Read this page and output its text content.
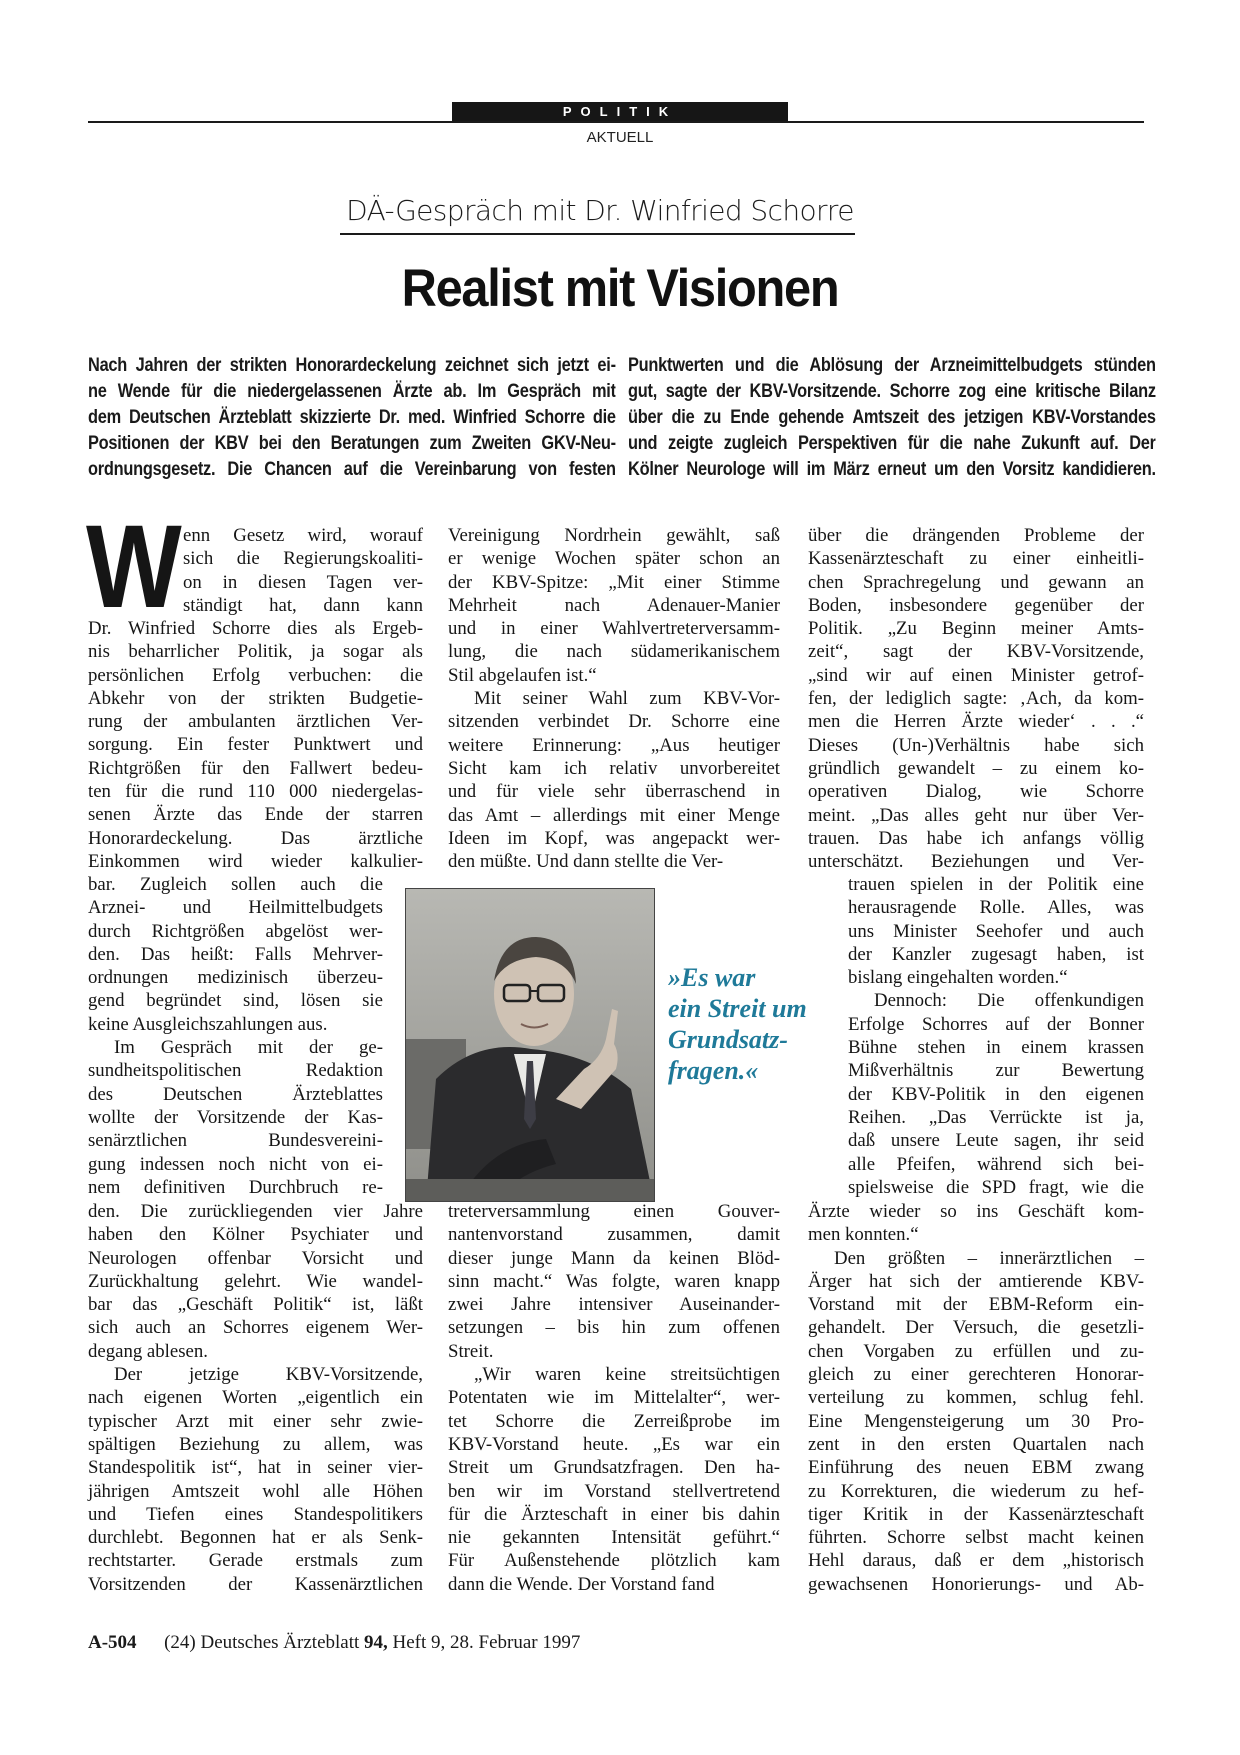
POLITIK
AKTUELL
DÄ-Gespräch mit Dr. Winfried Schorre
Realist mit Visionen
Nach Jahren der strikten Honorardeckelung zeichnet sich jetzt ei-
ne Wende für die niedergelassenen Ärzte ab. Im Gespräch mit
dem Deutschen Ärzteblatt skizzierte Dr. med. Winfried Schorre die
Positionen der KBV bei den Beratungen zum Zweiten GKV-Neu-
ordnungsgesetz. Die Chancen auf die Vereinbarung von festen
Punktwerten und die Ablösung der Arzneimittelbudgets stünden
gut, sagte der KBV-Vorsitzende. Schorre zog eine kritische Bilanz
über die zu Ende gehende Amtszeit des jetzigen KBV-Vorstandes
und zeigte zugleich Perspektiven für die nahe Zukunft auf. Der
Kölner Neurologe will im März erneut um den Vorsitz kandidieren.
W enn Gesetz wird, worauf
sich die Regierungskoaliti-
on in diesen Tagen ver-
ständigt hat, dann kann
Dr. Winfried Schorre dies als Ergeb-
nis beharrlicher Politik, ja sogar als
persönlichen Erfolg verbuchen: die
Abkehr von der strikten Budgetie-
rung der ambulanten ärztlichen Ver-
sorgung. Ein fester Punktwert und
Richtgrößen für den Fallwert bedeu-
ten für die rund 110 000 niedergelas-
senen Ärzte das Ende der starren
Honorardeckelung. Das ärztliche
Einkommen wird wieder kalkulier-
bar. Zugleich sollen auch die
Arznei- und Heilmittelbudgets
durch Richtgrößen abgelöst wer-
den. Das heißt: Falls Mehrver-
ordnungen medizinisch überzeu-
gend begründet sind, lösen sie
keine Ausgleichszahlungen aus.
Im Gespräch mit der ge-
sundheitspolitischen Redaktion
des Deutschen Ärzteblattes
wollte der Vorsitzende der Kas-
senärztlichen Bundesvereini-
gung indessen noch nicht von ei-
nem definitiven Durchbruch re-
den. Die zurückliegenden vier Jahre
haben den Kölner Psychiater und
Neurologen offenbar Vorsicht und
Zurückhaltung gelehrt. Wie wandel-
bar das „Geschäft Politik“ ist, läßt
sich auch an Schorres eigenem Wer-
degang ablesen.
Der jetzige KBV-Vorsitzende,
nach eigenen Worten „eigentlich ein
typischer Arzt mit einer sehr zwie-
spältigen Beziehung zu allem, was
Standespolitik ist“, hat in seiner vier-
jährigen Amtszeit wohl alle Höhen
und Tiefen eines Standespolitikers
durchlebt. Begonnen hat er als Senk-
rechtstarter. Gerade erstmals zum
Vorsitzenden der Kassenärztlichen
Vereinigung Nordrhein gewählt, saß
er wenige Wochen später schon an
der KBV-Spitze: „Mit einer Stimme
Mehrheit nach Adenauer-Manier
und in einer Wahlvertreterversamm-
lung, die nach südamerikanischem
Stil abgelaufen ist.“
Mit seiner Wahl zum KBV-Vor-
sitzenden verbindet Dr. Schorre eine
weitere Erinnerung: „Aus heutiger
Sicht kam ich relativ unvorbereitet
und für viele sehr überraschend in
das Amt – allerdings mit einer Menge
Ideen im Kopf, was angepackt wer-
den müßte. Und dann stellte die Ver-
treterversammlung einen Gouver-
nantenvorstand zusammen, damit
dieser junge Mann da keinen Blöd-
sinn macht.“ Was folgte, waren knapp
zwei Jahre intensiver Auseinander-
setzungen – bis hin zum offenen
Streit.
„Wir waren keine streitsüchtigen
Potentaten wie im Mittelalter“, wer-
tet Schorre die Zerreißprobe im
KBV-Vorstand heute. „Es war ein
Streit um Grundsatzfragen. Den ha-
ben wir im Vorstand stellvertretend
für die Ärzteschaft in einer bis dahin
nie gekannten Intensität geführt.“
Für Außenstehende plötzlich kam
dann die Wende. Der Vorstand fand
»Es war
ein Streit um
Grundsatz-
fragen.«
über die drängenden Probleme der
Kassenärzteschaft zu einer einheitli-
chen Sprachregelung und gewann an
Boden, insbesondere gegenüber der
Politik. „Zu Beginn meiner Amts-
zeit“, sagt der KBV-Vorsitzende,
„sind wir auf einen Minister getrof-
fen, der lediglich sagte: ‚Ach, da kom-
men die Herren Ärzte wieder‘ . . .“
Dieses (Un-)Verhältnis habe sich
gründlich gewandelt – zu einem ko-
operativen Dialog, wie Schorre
meint. „Das alles geht nur über Ver-
trauen. Das habe ich anfangs völlig
unterschätzt. Beziehungen und Ver-
trauen spielen in der Politik eine
herausragende Rolle. Alles, was
uns Minister Seehofer und auch
der Kanzler zugesagt haben, ist
bislang eingehalten worden.“
Dennoch: Die offenkundigen
Erfolge Schorres auf der Bonner
Bühne stehen in einem krassen
Mißverhältnis zur Bewertung
der KBV-Politik in den eigenen
Reihen. „Das Verrückte ist ja,
daß unsere Leute sagen, ihr seid
alle Pfeifen, während sich bei-
spielsweise die SPD fragt, wie die
Ärzte wieder so ins Geschäft kom-
men konnten.“
Den größten – innerärztlichen –
Ärger hat sich der amtierende KBV-
Vorstand mit der EBM-Reform ein-
gehandelt. Der Versuch, die gesetzli-
chen Vorgaben zu erfüllen und zu-
gleich zu einer gerechteren Honorar-
verteilung zu kommen, schlug fehl.
Eine Mengensteigerung um 30 Pro-
zent in den ersten Quartalen nach
Einführung des neuen EBM zwang
zu Korrekturen, die wiederum zu hef-
tiger Kritik in der Kassenärzteschaft
führten. Schorre selbst macht keinen
Hehl daraus, daß er dem „historisch
gewachsenen Honorierungs- und Ab-
A-504 (24) Deutsches Ärzteblatt 94, Heft 9, 28. Februar 1997
